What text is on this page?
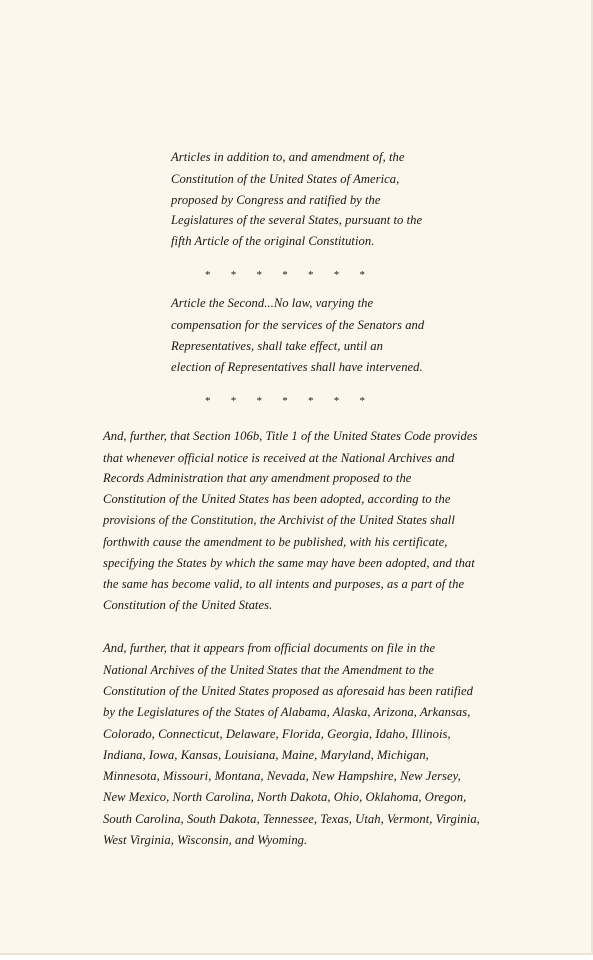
Articles in addition to, and amendment of, the
Constitution of the United States of America,
proposed by Congress and ratified by the
Legislatures of the several States, pursuant to the
fifth Article of the original Constitution.
* * * * * * *
Article the Second...No law, varying the
compensation for the services of the Senators and
Representatives, shall take effect, until an
election of Representatives shall have intervened.
* * * * * * *
And, further, that Section 106b, Title 1 of the United States Code provides
that whenever official notice is received at the National Archives and
Records Administration that any amendment proposed to the
Constitution of the United States has been adopted, according to the
provisions of the Constitution, the Archivist of the United States shall
forthwith cause the amendment to be published, with his certificate,
specifying the States by which the same may have been adopted, and that
the same has become valid, to all intents and purposes, as a part of the
Constitution of the United States.
And, further, that it appears from official documents on file in the
National Archives of the United States that the Amendment to the
Constitution of the United States proposed as aforesaid has been ratified
by the Legislatures of the States of Alabama, Alaska, Arizona, Arkansas,
Colorado, Connecticut, Delaware, Florida, Georgia, Idaho, Illinois,
Indiana, Iowa, Kansas, Louisiana, Maine, Maryland, Michigan,
Minnesota, Missouri, Montana, Nevada, New Hampshire, New Jersey,
New Mexico, North Carolina, North Dakota, Ohio, Oklahoma, Oregon,
South Carolina, South Dakota, Tennessee, Texas, Utah, Vermont, Virginia,
West Virginia, Wisconsin, and Wyoming.
